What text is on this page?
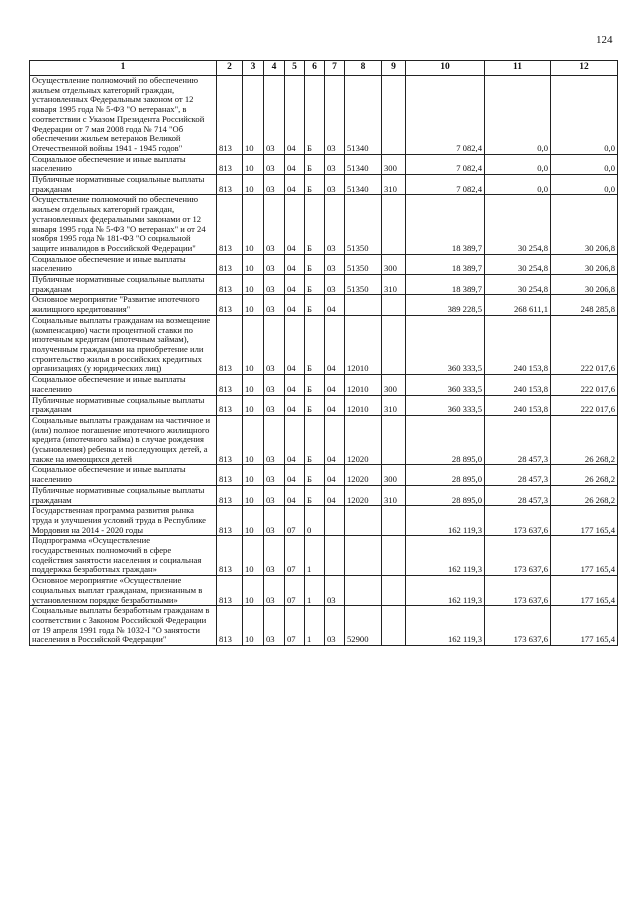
124
1	2	3	4	5	6	7	8	9	10	11	12
Осуществление полномочий по обеспечению жильем отдельных категорий граждан, установленных Федеральным законом от 12 января 1995 года № 5-ФЗ "О ветеранах", в соответствии с Указом Президента Российской Федерации от 7 мая 2008 года № 714 "Об обеспечении жильем ветеранов Великой Отечественной войны 1941 - 1945 годов"	813	10	03	04	Б	03	51340		7 082,4	0,0	0,0
Социальное обеспечение и иные выплаты населению	813	10	03	04	Б	03	51340	300	7 082,4	0,0	0,0
Публичные нормативные социальные выплаты гражданам	813	10	03	04	Б	03	51340	310	7 082,4	0,0	0,0
Осуществление полномочий по обеспечению жильем отдельных категорий граждан, установленных федеральными законами от 12 января 1995 года № 5-ФЗ "О ветеранах" и от 24 ноября 1995 года № 181-ФЗ "О социальной защите инвалидов в Российской Федерации"	813	10	03	04	Б	03	51350		18 389,7	30 254,8	30 206,8
Социальное обеспечение и иные выплаты населению	813	10	03	04	Б	03	51350	300	18 389,7	30 254,8	30 206,8
Публичные нормативные социальные выплаты гражданам	813	10	03	04	Б	03	51350	310	18 389,7	30 254,8	30 206,8
Основное мероприятие "Развитие ипотечного жилищного кредитования"	813	10	03	04	Б	04			389 228,5	268 611,1	248 285,8
Социальные выплаты гражданам на возмещение (компенсацию) части процентной ставки по ипотечным кредитам (ипотечным займам), полученным гражданами на приобретение или строительство жилья в российских кредитных организациях (у юридических лиц)	813	10	03	04	Б	04	12010		360 333,5	240 153,8	222 017,6
Социальное обеспечение и иные выплаты населению	813	10	03	04	Б	04	12010	300	360 333,5	240 153,8	222 017,6
Публичные нормативные социальные выплаты гражданам	813	10	03	04	Б	04	12010	310	360 333,5	240 153,8	222 017,6
Социальные выплаты гражданам на частичное и (или) полное погашение ипотечного жилищного кредита (ипотечного займа) в случае рождения (усыновления) ребенка и последующих детей, а также на имеющихся детей	813	10	03	04	Б	04	12020		28 895,0	28 457,3	26 268,2
Социальное обеспечение и иные выплаты населению	813	10	03	04	Б	04	12020	300	28 895,0	28 457,3	26 268,2
Публичные нормативные социальные выплаты гражданам	813	10	03	04	Б	04	12020	310	28 895,0	28 457,3	26 268,2
Государственная программа развития рынка труда и улучшения условий труда в Республике Мордовия на 2014 - 2020 годы	813	10	03	07	0				162 119,3	173 637,6	177 165,4
Подпрограмма «Осуществление государственных полномочий в сфере содействия занятости населения и социальная поддержка безработных граждан»	813	10	03	07	1				162 119,3	173 637,6	177 165,4
Основное мероприятие «Осуществление социальных выплат гражданам, признанным в установленном порядке безработными»	813	10	03	07	1	03			162 119,3	173 637,6	177 165,4
Социальные выплаты безработным гражданам в соответствии с Законом Российской Федерации от 19 апреля 1991 года № 1032-I "О занятости населения в Российской Федерации"	813	10	03	07	1	03	52900		162 119,3	173 637,6	177 165,4
